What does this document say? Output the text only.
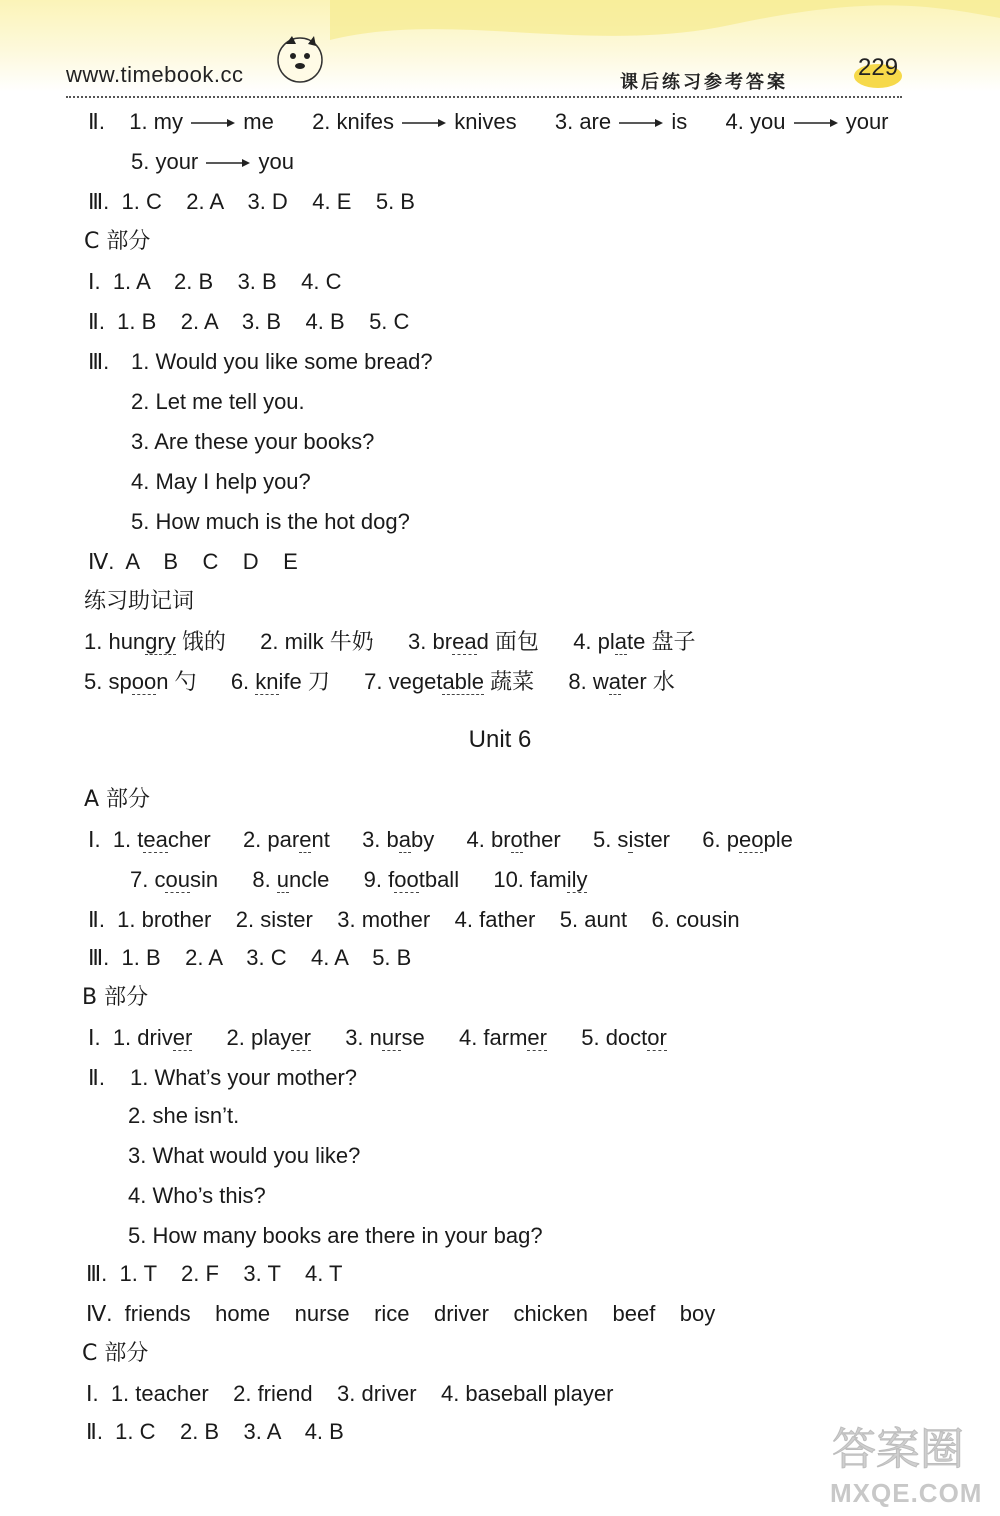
www.timebook.cc	课后练习参考答案
229
Ⅱ. 1. my	me 2. knifes	knives 3. are	is 4. you	your
5. your	you
Ⅲ.  1. C    2. A    3. D    4. E    5. B
C 部分
Ⅰ.  1. A    2. B    3. B    4. C
Ⅱ.  1. B    2. A    3. B    4. B    5. C
Ⅲ. 1. Would you like some bread?
2. Let me tell you.
3. Are these your books?
4. May I help you?
5. How much is the hot dog?
Ⅳ.  A    B    C    D    E
练习助记词
1. hungry 饿的 2. milk 牛奶 3. bread 面包 4. plate 盘子
5. spoon 勺 6. knife 刀 7. vegetable 蔬菜 8. water 水
Unit 6
A 部分
Ⅰ.  1. teacher 2. parent 3. baby 4. brother 5. sister 6. people
7. cousin 8. uncle 9. football 10. family
Ⅱ.  1. brother    2. sister    3. mother    4. father    5. aunt    6. cousin
Ⅲ.  1. B    2. A    3. C    4. A    5. B
B 部分
Ⅰ.  1. driver 2. player 3. nurse 4. farmer 5. doctor
Ⅱ. 1. What’s your mother?
2. she isn’t.
3. What would you like?
4. Who’s this?
5. How many books are there in your bag?
Ⅲ.  1. T    2. F    3. T    4. T
Ⅳ.  friends    home    nurse    rice    driver    chicken    beef    boy
C 部分
Ⅰ.  1. teacher    2. friend    3. driver    4. baseball player
Ⅱ.  1. C    2. B    3. A    4. B	答案圈
MXQE.COM
